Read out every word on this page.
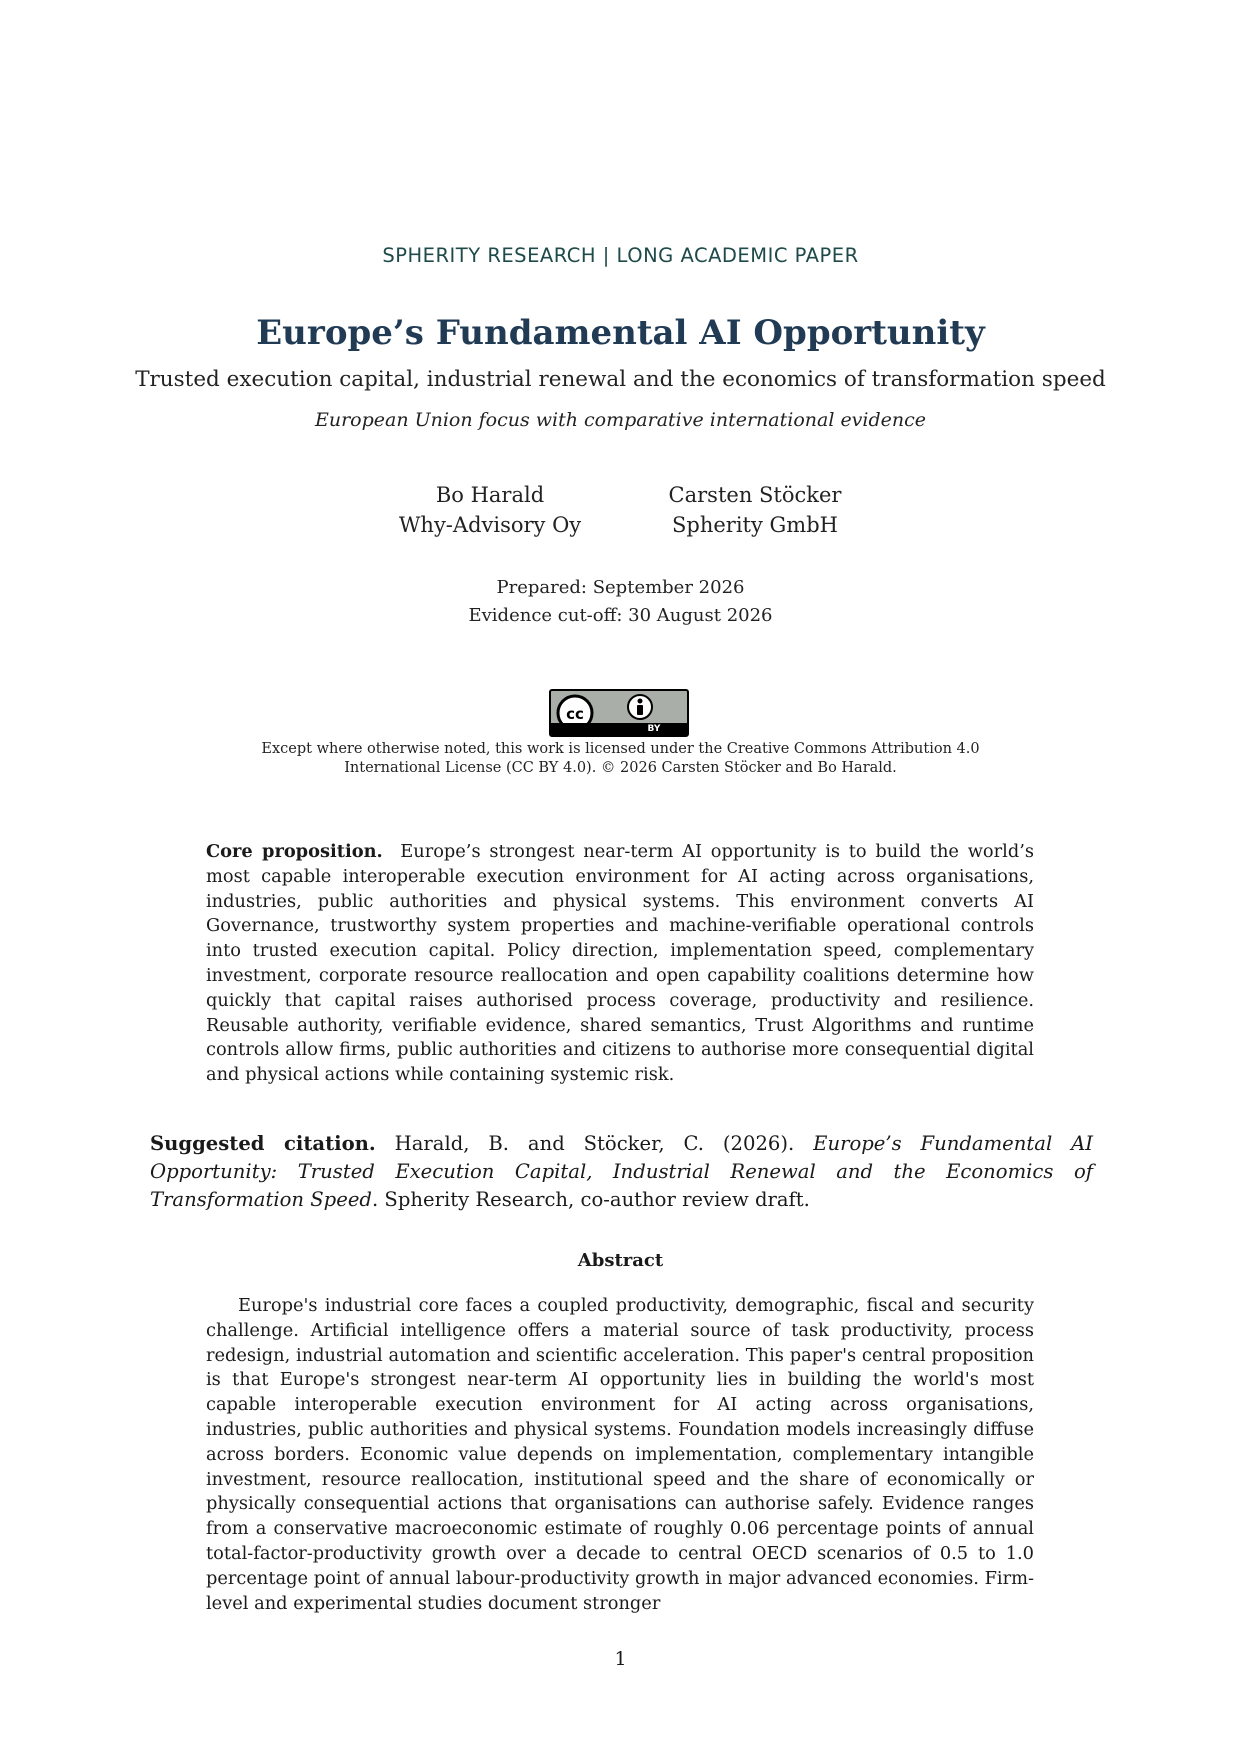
SPHERITY RESEARCH | LONG ACADEMIC PAPER
Europe’s Fundamental AI Opportunity
Trusted execution capital, industrial renewal and the economics of transformation speed
European Union focus with comparative international evidence
Bo Harald
Why-Advisory Oy
Carsten Stöcker
Spherity GmbH
Prepared: September 2026
Evidence cut-off: 30 August 2026
cc
BY
Except where otherwise noted, this work is licensed under the Creative Commons Attribution 4.0
International License (CC BY 4.0). © 2026 Carsten Stöcker and Bo Harald.
Core proposition. Europe’s strongest near-term AI opportunity is to build the world’s most capable interoperable execution environment for AI acting across organisations, industries, public authorities and physical systems. This environment converts AI Governance, trustworthy system properties and machine-verifiable operational controls into trusted execution capital. Policy direction, implementation speed, complementary investment, corporate resource reallocation and open capability coalitions determine how quickly that capital raises authorised process coverage, productivity and resilience. Reusable authority, verifiable evidence, shared semantics, Trust Algorithms and runtime controls allow firms, public authorities and citizens to authorise more consequential digital and physical actions while containing systemic risk.
Suggested citation. Harald, B. and Stöcker, C. (2026). Europe’s Fundamental AI Opportunity: Trusted Execution Capital, Industrial Renewal and the Economics of Transformation Speed. Spherity Research, co-author review draft.
Abstract
Europe's industrial core faces a coupled productivity, demographic, fiscal and security challenge. Artificial intelligence offers a material source of task productivity, process redesign, industrial automation and scientific acceleration. This paper's central proposition is that Europe's strongest near-term AI opportunity lies in building the world's most capable interoperable execution environment for AI acting across organisations, industries, public authorities and physical systems. Foundation models increasingly diffuse across borders. Economic value depends on implementation, complementary intangible investment, resource reallocation, institutional speed and the share of economically or physically consequential actions that organisations can authorise safely. Evidence ranges from a conservative macroeconomic estimate of roughly 0.06 percentage points of annual total-factor-productivity growth over a decade to central OECD scenarios of 0.5 to 1.0 percentage point of annual labour-productivity growth in major advanced economies. Firm-level and experimental studies document stronger
1
